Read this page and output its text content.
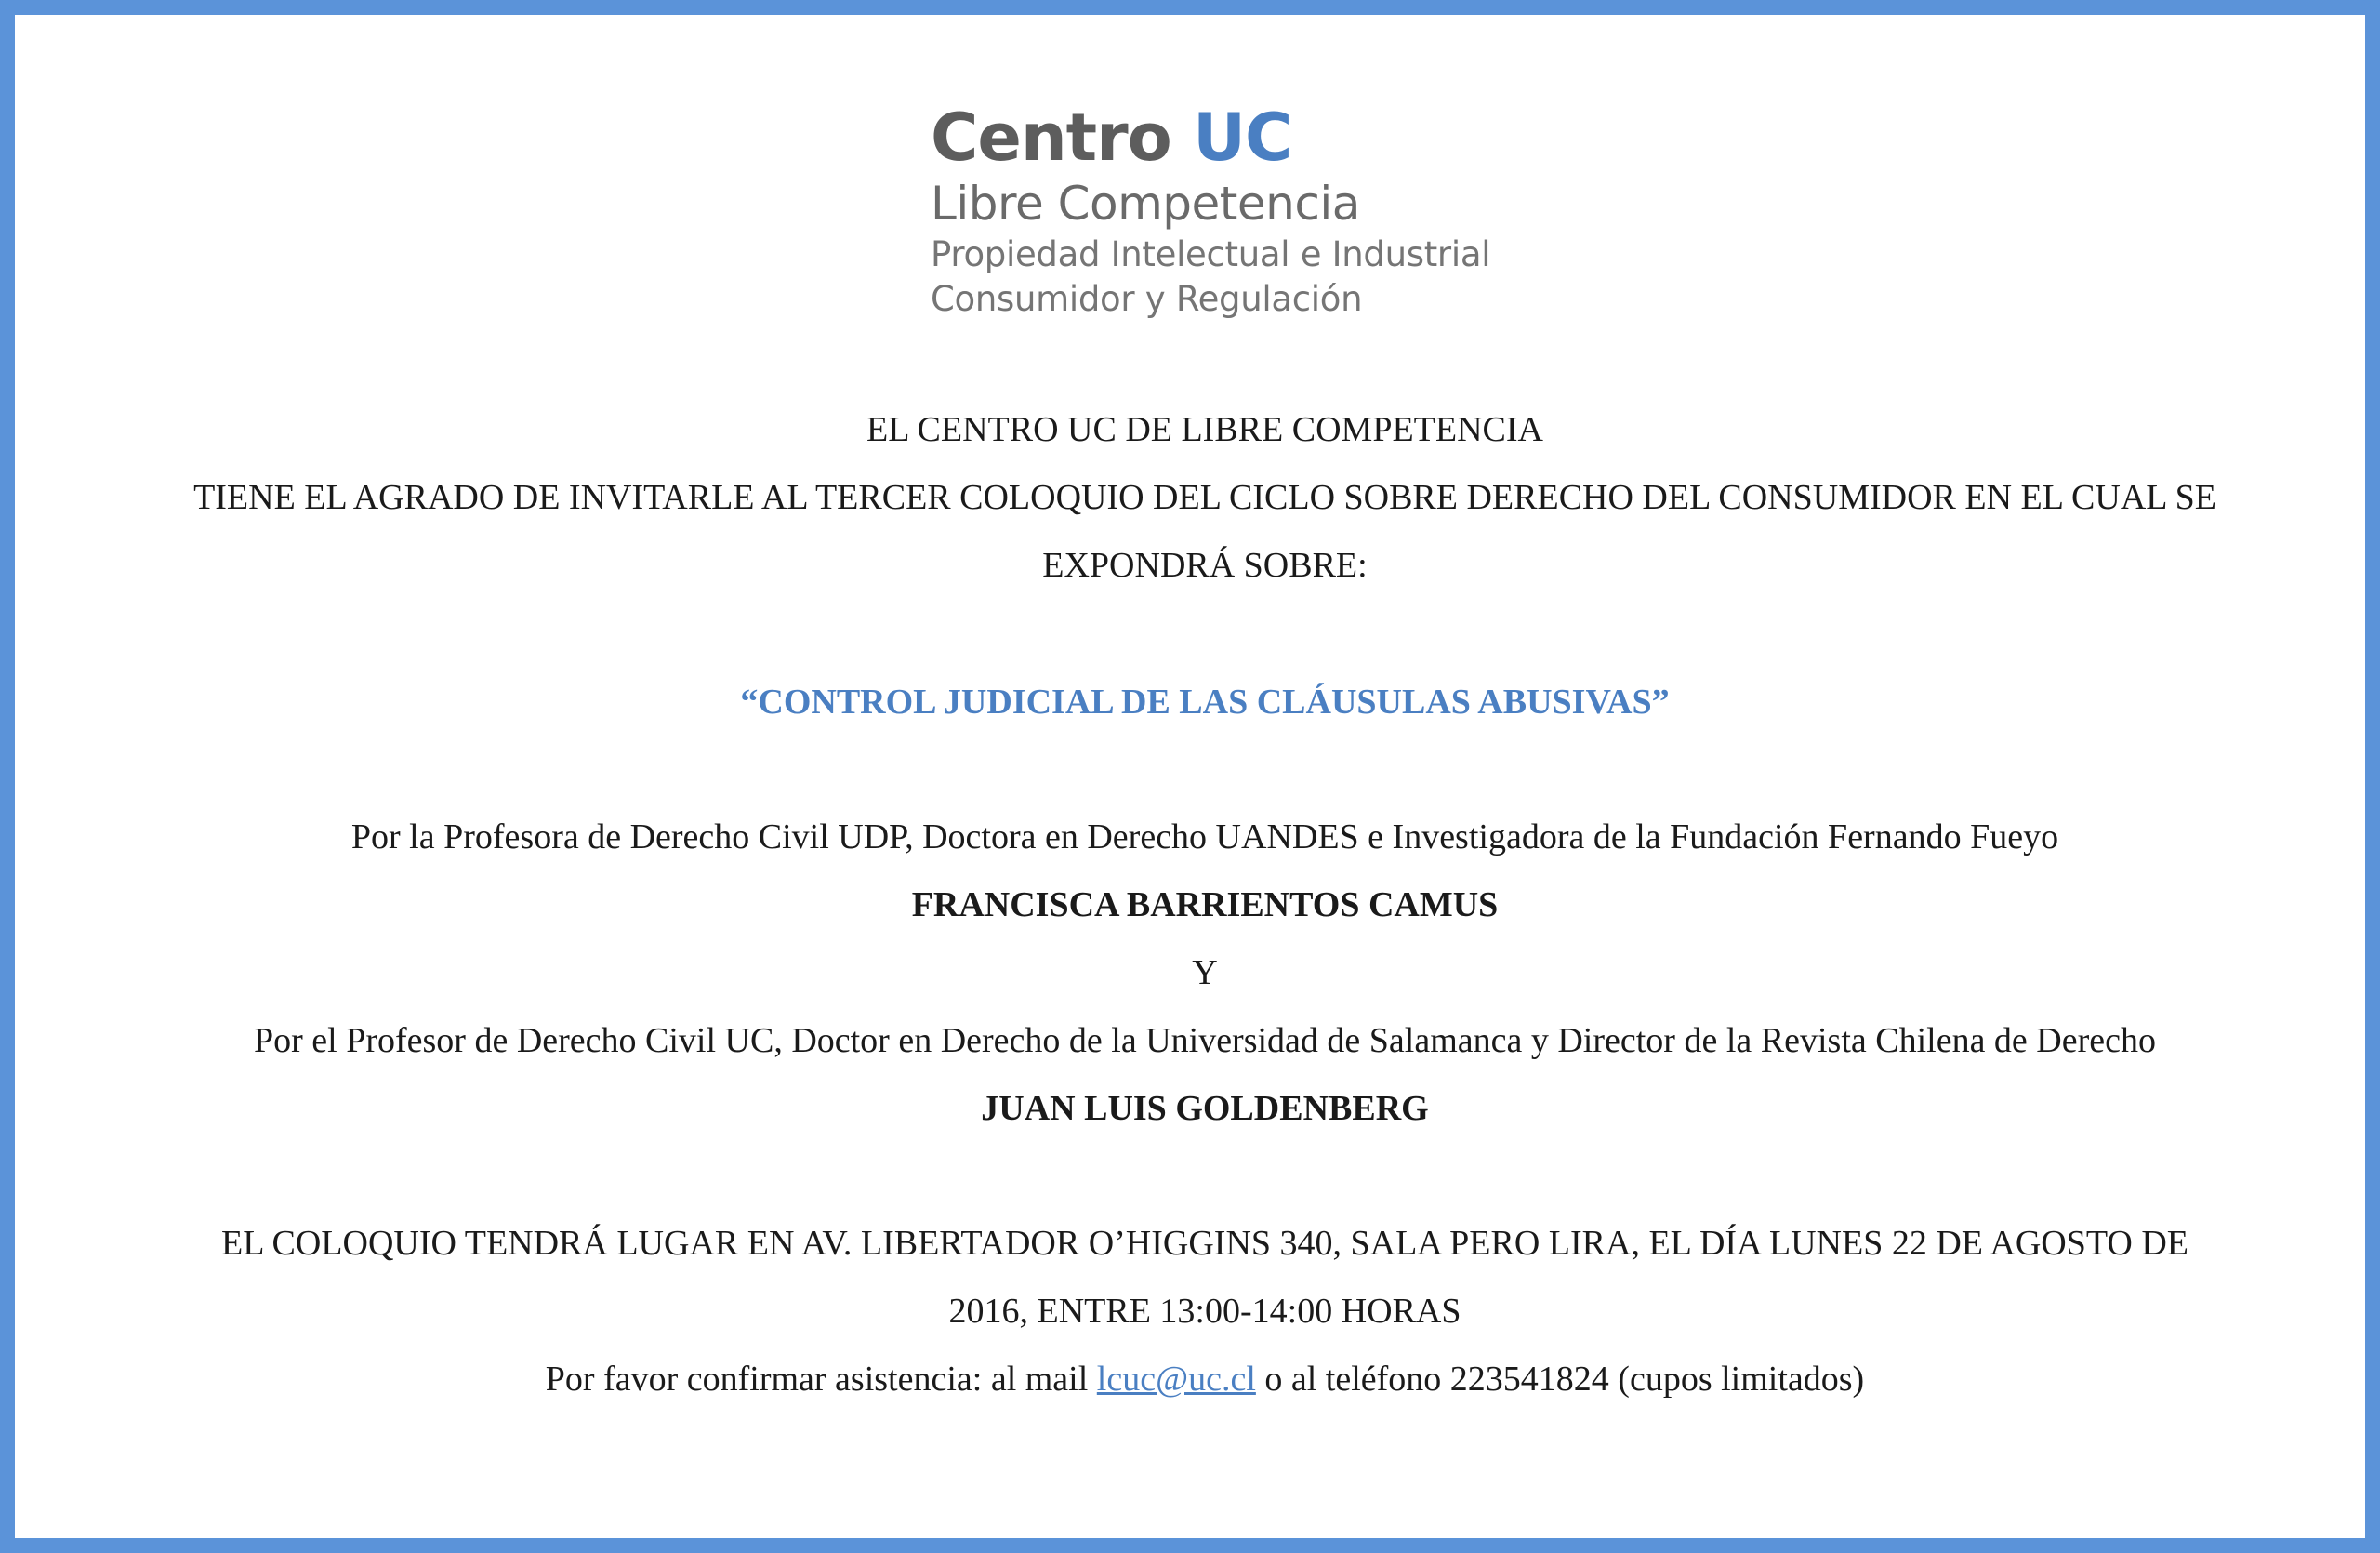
Centro UC
Libre Competencia
Propiedad Intelectual e Industrial
Consumidor y Regulación
EL CENTRO UC DE LIBRE COMPETENCIA
TIENE EL AGRADO DE INVITARLE AL TERCER COLOQUIO DEL CICLO SOBRE DERECHO DEL CONSUMIDOR EN EL CUAL SE
EXPONDRÁ SOBRE:
“CONTROL JUDICIAL DE LAS CLÁUSULAS ABUSIVAS”
Por la Profesora de Derecho Civil UDP, Doctora en Derecho UANDES e Investigadora de la Fundación Fernando Fueyo
FRANCISCA BARRIENTOS CAMUS
Y
Por el Profesor de Derecho Civil UC, Doctor en Derecho de la Universidad de Salamanca y Director de la Revista Chilena de Derecho
JUAN LUIS GOLDENBERG
EL COLOQUIO TENDRÁ LUGAR EN AV. LIBERTADOR O’HIGGINS 340, SALA PERO LIRA, EL DÍA LUNES 22 DE AGOSTO DE
2016, ENTRE 13:00-14:00 HORAS
Por favor confirmar asistencia: al mail lcuc@uc.cl o al teléfono 223541824 (cupos limitados)
